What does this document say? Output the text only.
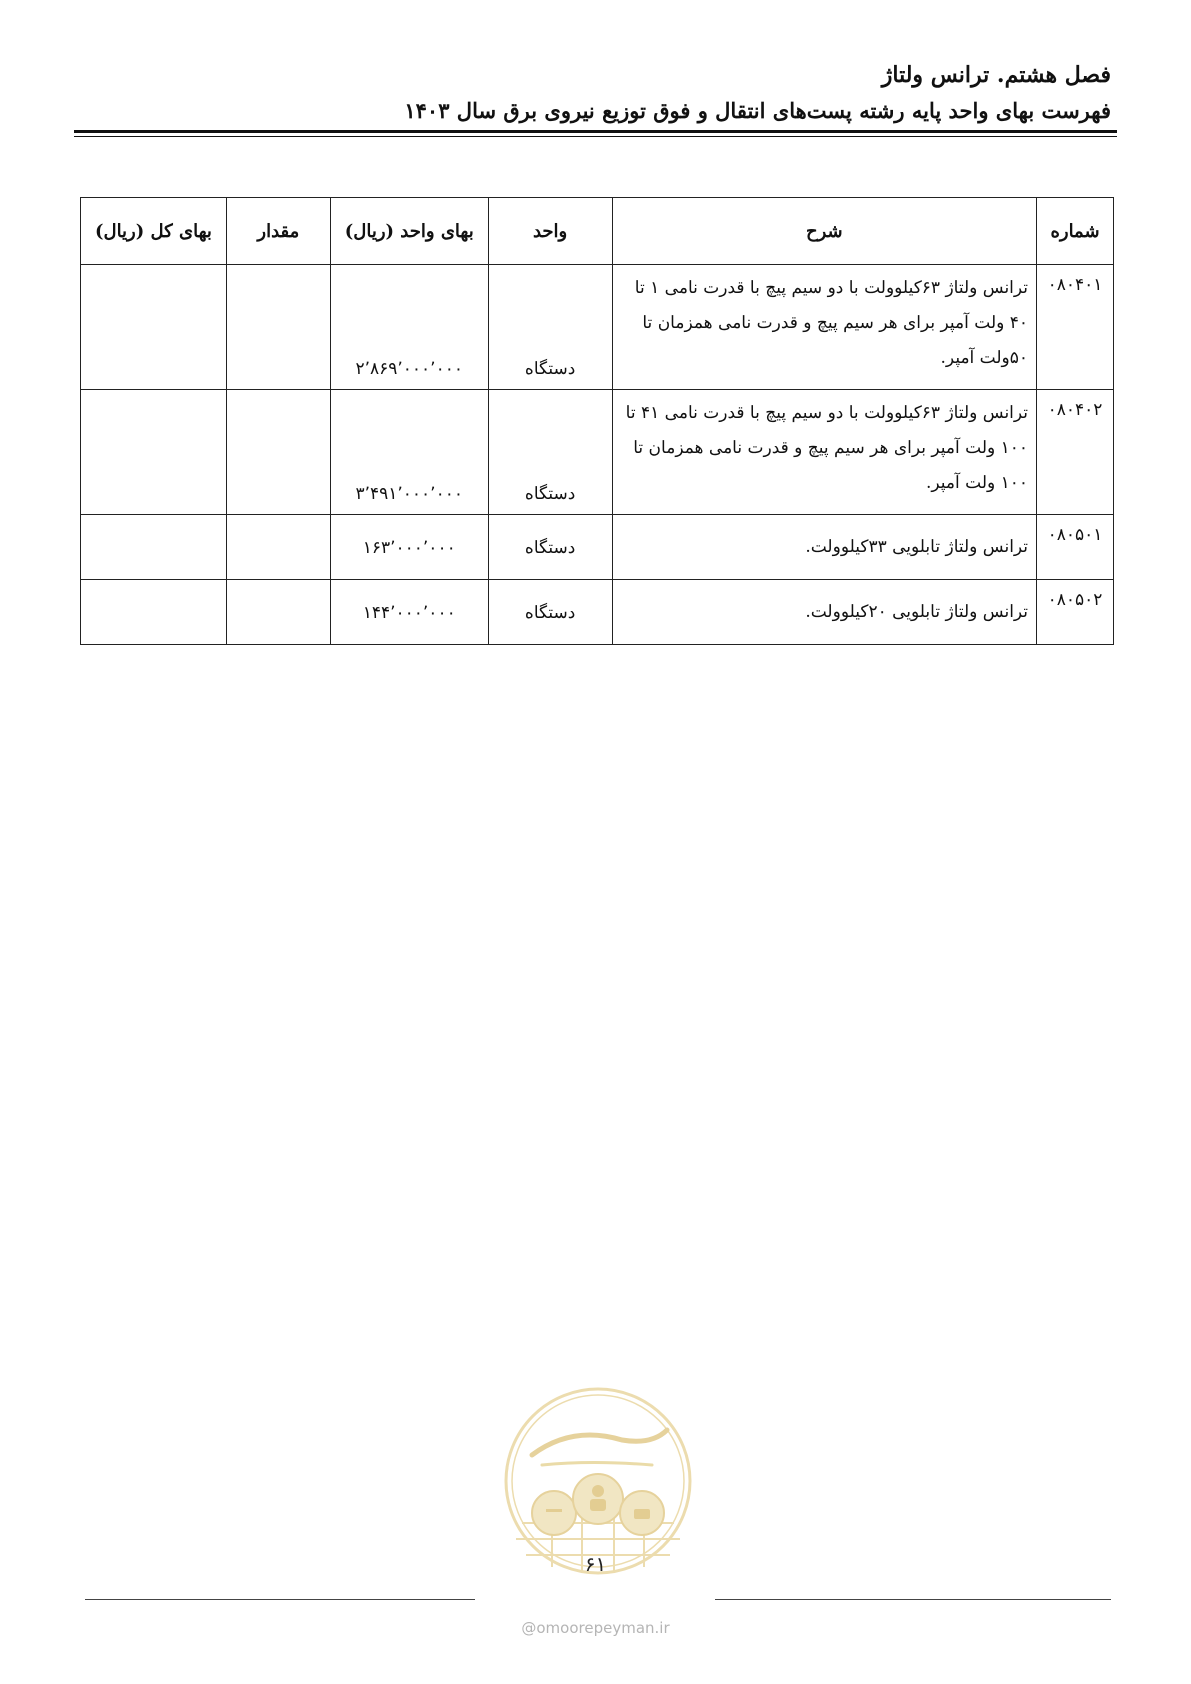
فصل هشتم. ترانس ولتاژ
فهرست بهای واحد پایه رشته پست‌های انتقال و فوق توزیع نیروی برق سال ۱۴۰۳
شماره	شرح	واحد	بهای واحد (ریال)	مقدار	بهای کل (ریال)
۰۸۰۴۰۱	ترانس ولتاژ ۶۳کیلوولت با دو سیم پیچ با قدرت نامی ۱ تا ۴۰ ولت آمپر برای هر سیم پیچ و قدرت نامی همزمان تا ۵۰ولت آمپر.	دستگاه	۲٬۸۶۹٬۰۰۰٬۰۰۰		
۰۸۰۴۰۲	ترانس ولتاژ ۶۳کیلوولت با دو سیم پیچ با قدرت نامی ۴۱ تا ۱۰۰ ولت آمپر برای هر سیم پیچ و قدرت نامی همزمان تا ۱۰۰ ولت آمپر.	دستگاه	۳٬۴۹۱٬۰۰۰٬۰۰۰		
۰۸۰۵۰۱	ترانس ولتاژ تابلویی ۳۳کیلوولت.	دستگاه	۱۶۳٬۰۰۰٬۰۰۰		
۰۸۰۵۰۲	ترانس ولتاژ تابلویی ۲۰کیلوولت.	دستگاه	۱۴۴٬۰۰۰٬۰۰۰		
۶۱
@omoorepeyman.ir
